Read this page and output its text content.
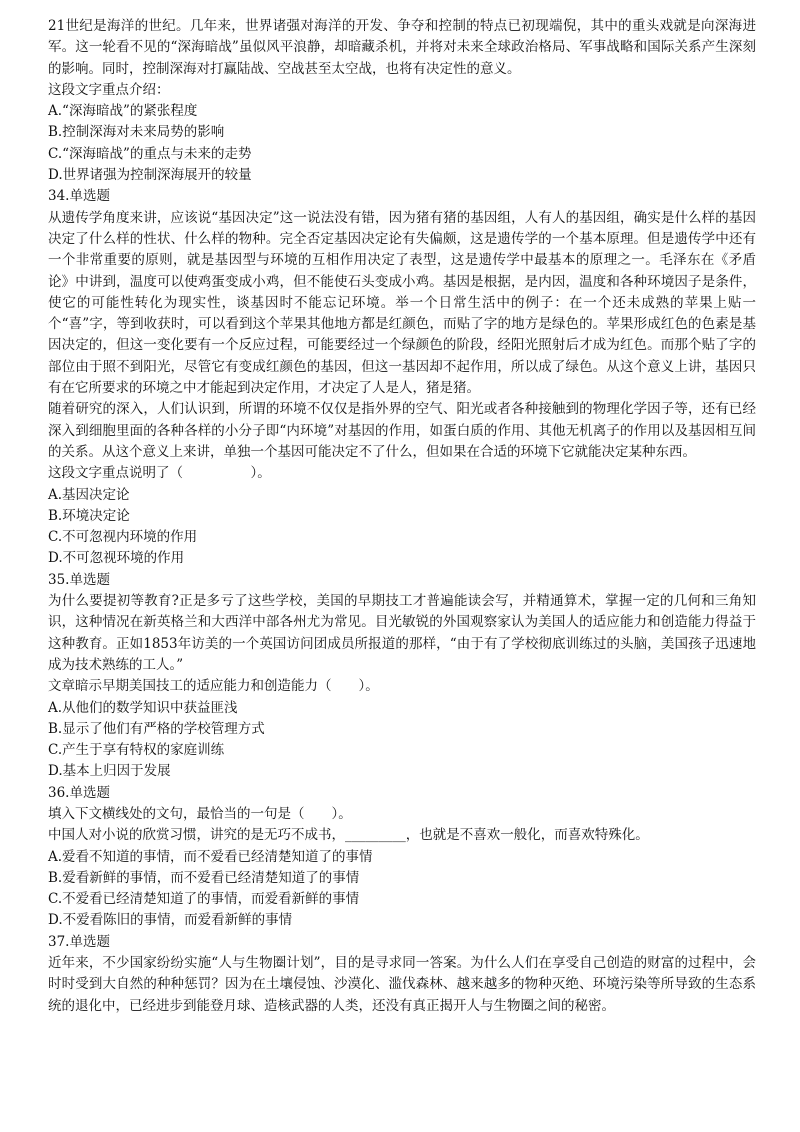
21世纪是海洋的世纪。几年来，世界诸强对海洋的开发、争夺和控制的特点已初现端倪，其中的重头戏就是向深海进军。这一轮看不见的“深海暗战”虽似风平浪静，却暗藏杀机，并将对未来全球政治格局、军事战略和国际关系产生深刻的影响。同时，控制深海对打赢陆战、空战甚至太空战，也将有决定性的意义。

这段文字重点介绍：

A.“深海暗战”的紧张程度

B.控制深海对未来局势的影响

C.“深海暗战”的重点与未来的走势

D.世界诸强为控制深海展开的较量

34.单选题

从遗传学角度来讲，应该说“基因决定”这一说法没有错，因为猪有猪的基因组，人有人的基因组，确实是什么样的基因决定了什么样的性状、什么样的物种。完全否定基因决定论有失偏颇，这是遗传学的一个基本原理。但是遗传学中还有一个非常重要的原则，就是基因型与环境的互相作用决定了表型，这是遗传学中最基本的原理之一。毛泽东在《矛盾论》中讲到，温度可以使鸡蛋变成小鸡，但不能使石头变成小鸡。基因是根据，是内因，温度和各种环境因子是条件，使它的可能性转化为现实性，谈基因时不能忘记环境。举一个日常生活中的例子：在一个还未成熟的苹果上贴一个“喜”字，等到收获时，可以看到这个苹果其他地方都是红颜色，而贴了字的地方是绿色的。苹果形成红色的色素是基因决定的，但这一变化要有一个反应过程，可能要经过一个绿颜色的阶段，经阳光照射后才成为红色。而那个贴了字的部位由于照不到阳光，尽管它有变成红颜色的基因，但这一基因却不起作用，所以成了绿色。从这个意义上讲，基因只有在它所要求的环境之中才能起到决定作用，才决定了人是人，猪是猪。

随着研究的深入，人们认识到，所谓的环境不仅仅是指外界的空气、阳光或者各种接触到的物理化学因子等，还有已经深入到细胞里面的各种各样的小分子即“内环境”对基因的作用，如蛋白质的作用、其他无机离子的作用以及基因相互间的关系。从这个意义上来讲，单独一个基因可能决定不了什么，但如果在合适的环境下它就能决定某种东西。

这段文字重点说明了（　　　　　）。

A.基因决定论

B.环境决定论

C.不可忽视内环境的作用

D.不可忽视环境的作用

35.单选题

为什么要提初等教育?正是多亏了这些学校，美国的早期技工才普遍能读会写，并精通算术，掌握一定的几何和三角知识，这种情况在新英格兰和大西洋中部各州尤为常见。目光敏锐的外国观察家认为美国人的适应能力和创造能力得益于这种教育。正如1853年访美的一个英国访问团成员所报道的那样，“由于有了学校彻底训练过的头脑，美国孩子迅速地成为技术熟练的工人。”

文章暗示早期美国技工的适应能力和创造能力（　　）。

A.从他们的数学知识中获益匪浅

B.显示了他们有严格的学校管理方式

C.产生于享有特权的家庭训练

D.基本上归因于发展

36.单选题

填入下文横线处的文句，最恰当的一句是（　　）。

中国人对小说的欣赏习惯，讲究的是无巧不成书，_________，也就是不喜欢一般化，而喜欢特殊化。

A.爱看不知道的事情，而不爱看已经清楚知道了的事情

B.爱看新鲜的事情，而不爱看已经清楚知道了的事情

C.不爱看已经清楚知道了的事情，而爱看新鲜的事情

D.不爱看陈旧的事情，而爱看新鲜的事情

37.单选题

近年来，不少国家纷纷实施“人与生物圈计划”，目的是寻求同一答案。为什么人们在享受自己创造的财富的过程中，会时时受到大自然的种种惩罚？因为在土壤侵蚀、沙漠化、滥伐森林、越来越多的物种灭绝、环境污染等所导致的生态系统的退化中，已经进步到能登月球、造核武器的人类，还没有真正揭开人与生物圈之间的秘密。
